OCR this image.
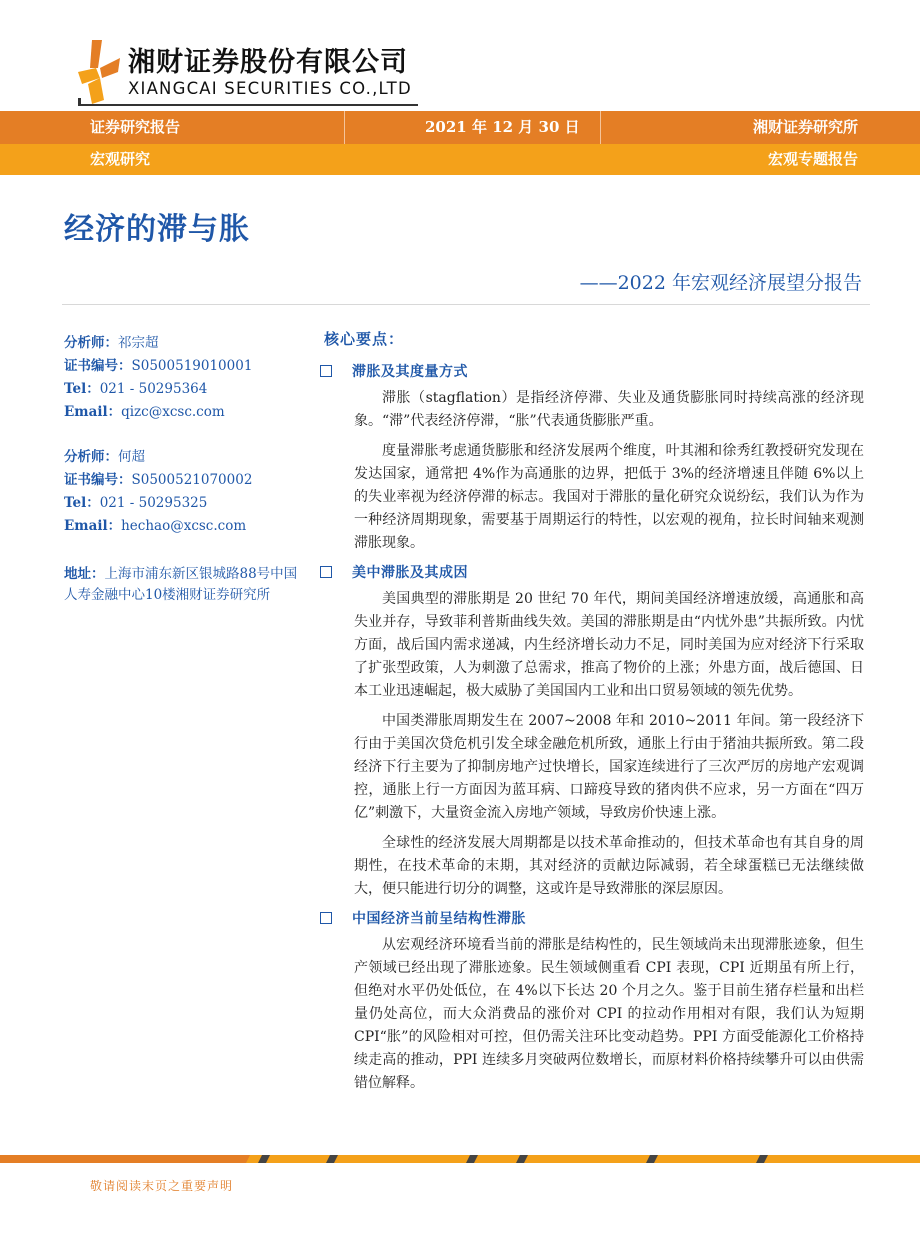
湘财证券股份有限公司
XIANGCAI SECURITIES CO.,LTD
证券研究报告	2021 年 12 月 30 日	湘财证券研究所
宏观研究	宏观专题报告
经济的滞与胀
——2022 年宏观经济展望分报告
分析师：祁宗超
证书编号：S0500519010001
Tel：021 - 50295364
Email：qizc@xcsc.com
分析师：何超
证书编号：S0500521070002
Tel：021 - 50295325
Email：hechao@xcsc.com
地址：上海市浦东新区银城路88号中国人寿金融中心10楼湘财证券研究所
核心要点：
滞胀及其度量方式

滞胀（stagflation）是指经济停滞、失业及通货膨胀同时持续高涨的经济现象。“滞”代表经济停滞，“胀”代表通货膨胀严重。

度量滞胀考虑通货膨胀和经济发展两个维度，叶其湘和徐秀红教授研究发现在发达国家，通常把 4%作为高通胀的边界，把低于 3%的经济增速且伴随 6%以上的失业率视为经济停滞的标志。我国对于滞胀的量化研究众说纷纭，我们认为作为一种经济周期现象，需要基于周期运行的特性，以宏观的视角，拉长时间轴来观测滞胀现象。

美中滞胀及其成因

美国典型的滞胀期是 20 世纪 70 年代，期间美国经济增速放缓，高通胀和高失业并存，导致菲利普斯曲线失效。美国的滞胀期是由“内忧外患”共振所致。内忧方面，战后国内需求递减，内生经济增长动力不足，同时美国为应对经济下行采取了扩张型政策，人为刺激了总需求，推高了物价的上涨；外患方面，战后德国、日本工业迅速崛起，极大威胁了美国国内工业和出口贸易领域的领先优势。

中国类滞胀周期发生在 2007~2008 年和 2010~2011 年间。第一段经济下行由于美国次贷危机引发全球金融危机所致，通胀上行由于猪油共振所致。第二段经济下行主要为了抑制房地产过快增长，国家连续进行了三次严厉的房地产宏观调控，通胀上行一方面因为蓝耳病、口蹄疫导致的猪肉供不应求，另一方面在“四万亿”刺激下，大量资金流入房地产领域，导致房价快速上涨。

全球性的经济发展大周期都是以技术革命推动的，但技术革命也有其自身的周期性，在技术革命的末期，其对经济的贡献边际减弱，若全球蛋糕已无法继续做大，便只能进行切分的调整，这或许是导致滞胀的深层原因。

中国经济当前呈结构性滞胀

从宏观经济环境看当前的滞胀是结构性的，民生领域尚未出现滞胀迹象，但生产领域已经出现了滞胀迹象。民生领域侧重看 CPI 表现，CPI 近期虽有所上行，但绝对水平仍处低位，在 4%以下长达 20 个月之久。鉴于目前生猪存栏量和出栏量仍处高位，而大众消费品的涨价对 CPI 的拉动作用相对有限，我们认为短期 CPI“胀”的风险相对可控，但仍需关注环比变动趋势。PPI 方面受能源化工价格持续走高的推动，PPI 连续多月突破两位数增长，而原材料价格持续攀升可以由供需错位解释。

敬请阅读末页之重要声明
